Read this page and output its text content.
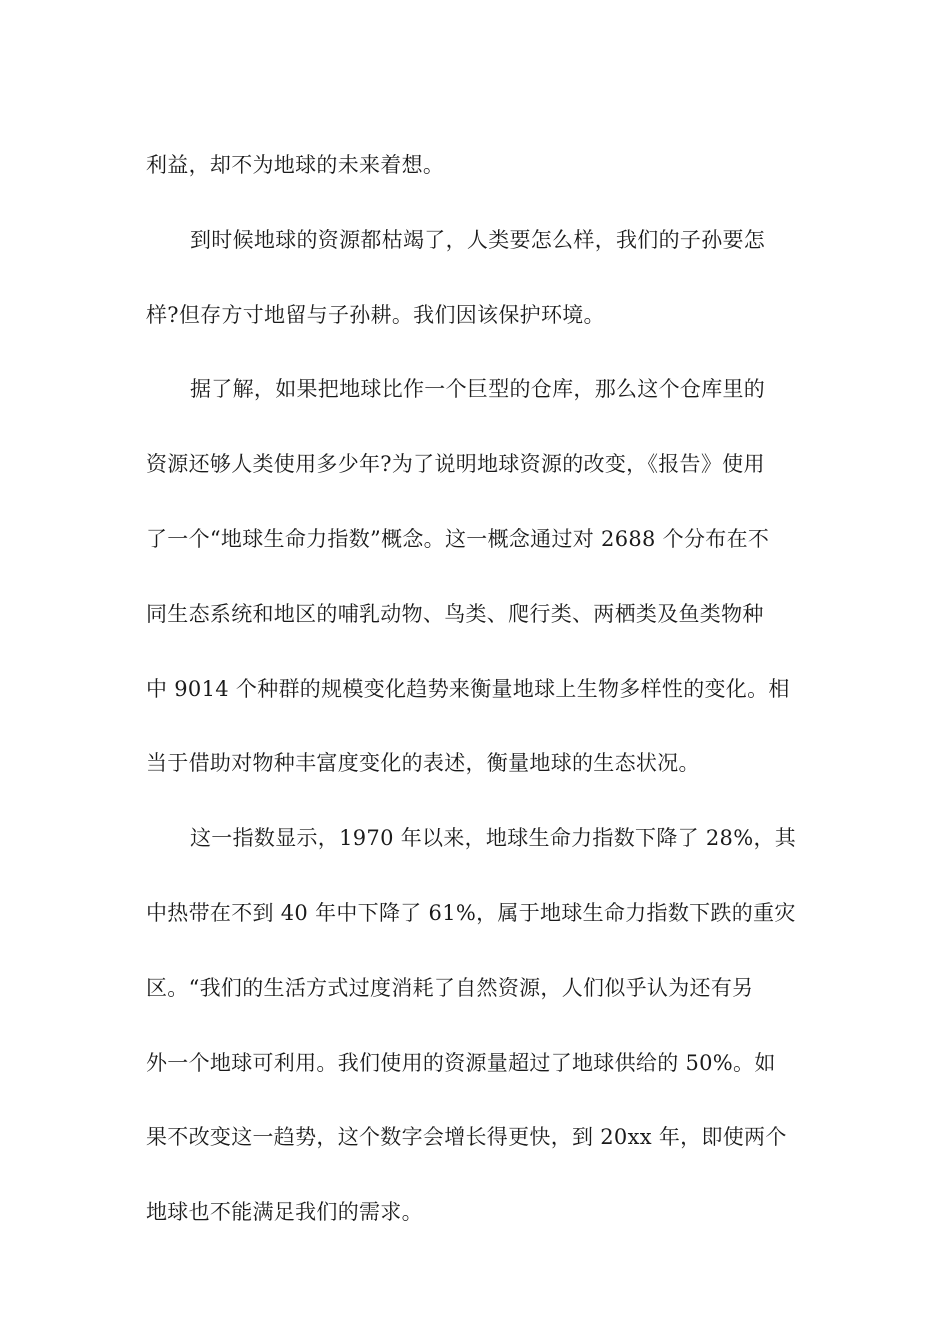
利益，却不为地球的未来着想。
到时候地球的资源都枯竭了，人类要怎么样，我们的子孙要怎
样?但存方寸地留与子孙耕。我们因该保护环境。
据了解，如果把地球比作一个巨型的仓库，那么这个仓库里的
资源还够人类使用多少年?为了说明地球资源的改变，《报告》使用
了一个“地球生命力指数”概念。这一概念通过对 2688 个分布在不
同生态系统和地区的哺乳动物、鸟类、爬行类、两栖类及鱼类物种
中 9014 个种群的规模变化趋势来衡量地球上生物多样性的变化。相
当于借助对物种丰富度变化的表述，衡量地球的生态状况。
这一指数显示，1970 年以来，地球生命力指数下降了 28%，其
中热带在不到 40 年中下降了 61%，属于地球生命力指数下跌的重灾
区。“我们的生活方式过度消耗了自然资源，人们似乎认为还有另
外一个地球可利用。我们使用的资源量超过了地球供给的 50%。如
果不改变这一趋势，这个数字会增长得更快，到 20xx 年，即使两个
地球也不能满足我们的需求。
